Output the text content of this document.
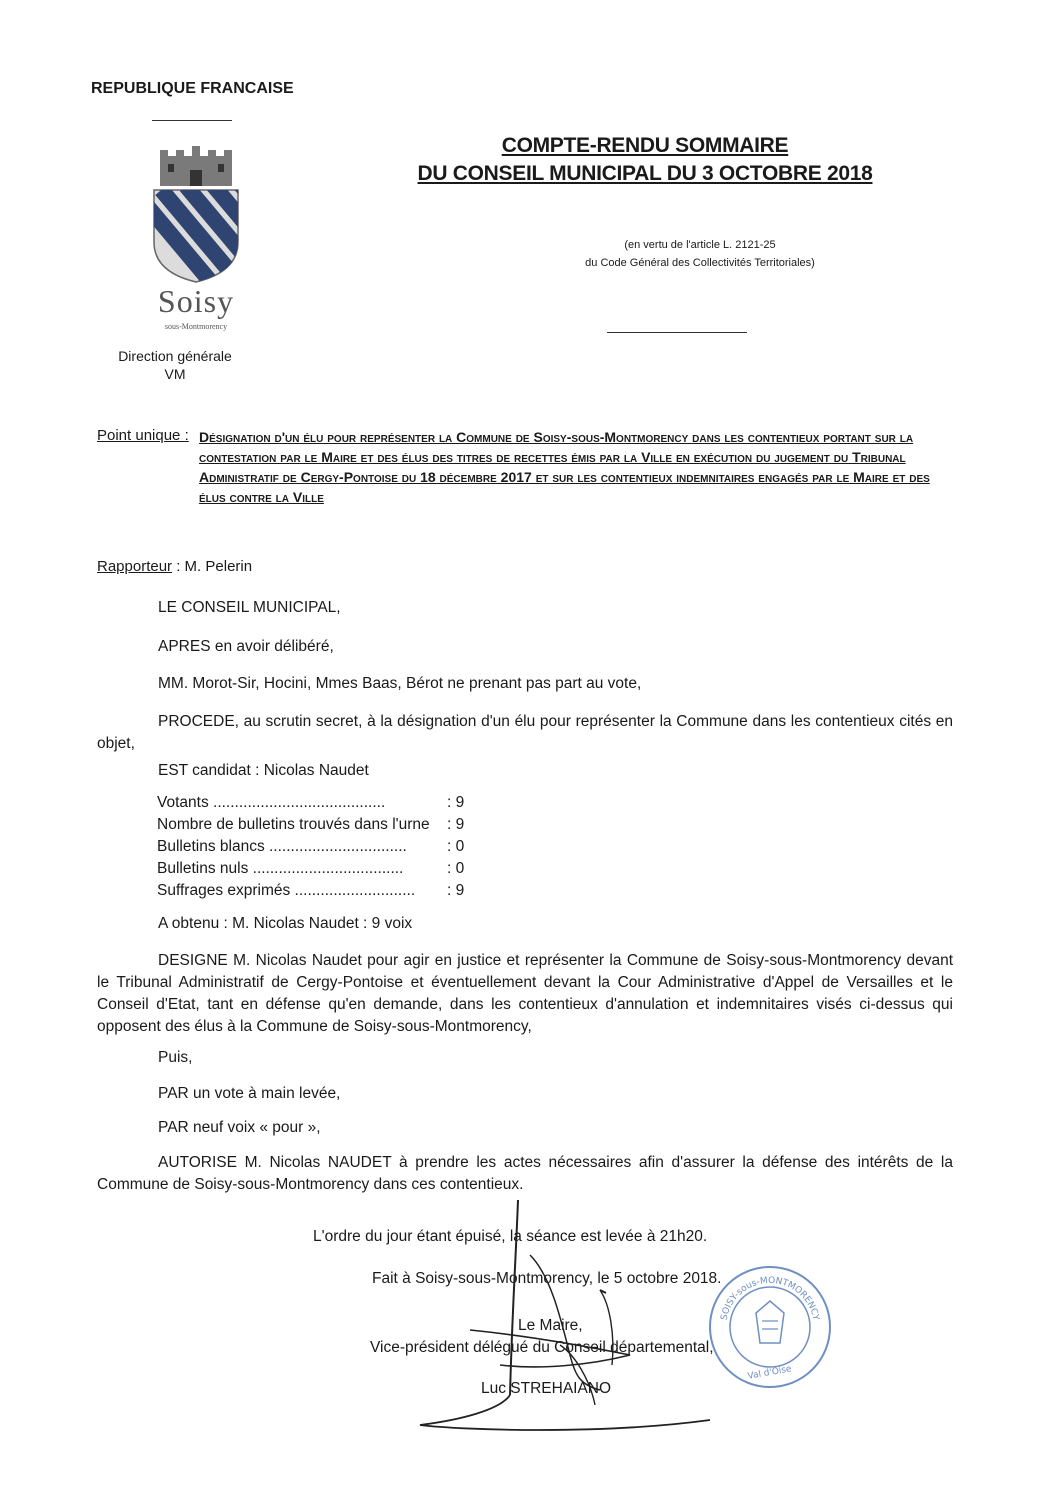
REPUBLIQUE FRANCAISE
COMPTE-RENDU SOMMAIRE
DU CONSEIL MUNICIPAL DU 3 OCTOBRE 2018
(en vertu de l'article L. 2121-25
du Code Général des Collectivités Territoriales)
Soisy
sous-Montmorency
Direction générale
VM
Point unique : Désignation d'un élu pour représenter la Commune de Soisy-sous-Montmorency dans les contentieux portant sur la contestation par le Maire et des élus des titres de recettes émis par la Ville en exécution du jugement du Tribunal Administratif de Cergy-Pontoise du 18 décembre 2017 et sur les contentieux indemnitaires engagés par le Maire et des élus contre la Ville
Rapporteur : M. Pelerin
LE CONSEIL MUNICIPAL,
APRES en avoir délibéré,
MM. Morot-Sir, Hocini, Mmes Baas, Bérot ne prenant pas part au vote,
PROCEDE, au scrutin secret, à la désignation d'un élu pour représenter la Commune dans les contentieux cités en objet,
EST candidat : Nicolas Naudet
Votants ........................................	: 9
Nombre de bulletins trouvés dans l'urne	: 9
Bulletins blancs ................................	: 0
Bulletins nuls ...................................	: 0
Suffrages exprimés ............................	: 9
A obtenu : M. Nicolas Naudet : 9 voix
DESIGNE M. Nicolas Naudet pour agir en justice et représenter la Commune de Soisy-sous-Montmorency devant le Tribunal Administratif de Cergy-Pontoise et éventuellement devant la Cour Administrative d'Appel de Versailles et le Conseil d'Etat, tant en défense qu'en demande, dans les contentieux d'annulation et indemnitaires visés ci-dessus qui opposent des élus à la Commune de Soisy-sous-Montmorency,
Puis,
PAR un vote à main levée,
PAR neuf voix « pour »,
AUTORISE M. Nicolas NAUDET à prendre les actes nécessaires afin d'assurer la défense des intérêts de la Commune de Soisy-sous-Montmorency dans ces contentieux.
L'ordre du jour étant épuisé, la séance est levée à 21h20.
Fait à Soisy-sous-Montmorency, le 5 octobre 2018.
Le Maire,
Vice-président délégué du Conseil départemental,
SOISY-sous-MONTMORENCY
Val d'Oise
Luc STREHAIANO
